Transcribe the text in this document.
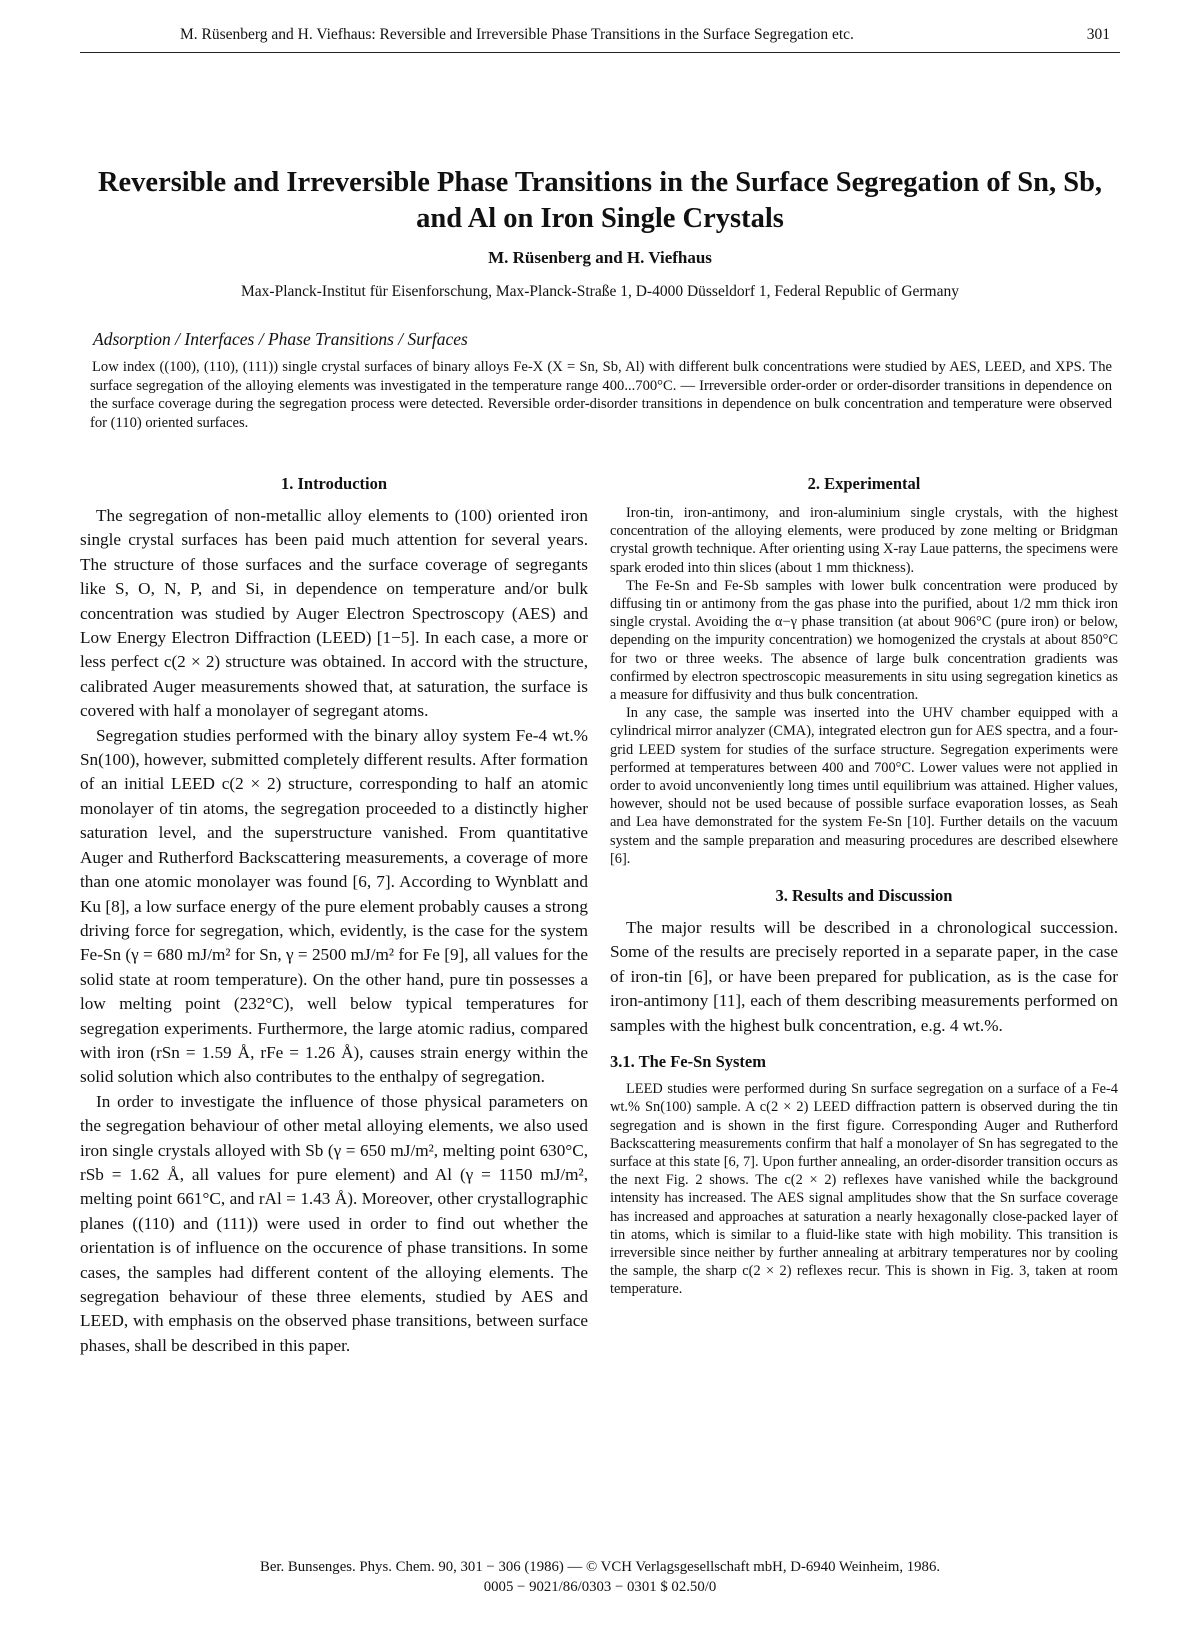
M. Rüsenberg and H. Viefhaus: Reversible and Irreversible Phase Transitions in the Surface Segregation etc.	301
Reversible and Irreversible Phase Transitions in the Surface Segregation of Sn, Sb, and Al on Iron Single Crystals
M. Rüsenberg and H. Viefhaus
Max-Planck-Institut für Eisenforschung, Max-Planck-Straße 1, D-4000 Düsseldorf 1, Federal Republic of Germany
Adsorption / Interfaces / Phase Transitions / Surfaces
Low index ((100), (110), (111)) single crystal surfaces of binary alloys Fe-X (X = Sn, Sb, Al) with different bulk concentrations were studied by AES, LEED, and XPS. The surface segregation of the alloying elements was investigated in the temperature range 400...700°C. — Irreversible order-order or order-disorder transitions in dependence on the surface coverage during the segregation process were detected. Reversible order-disorder transitions in dependence on bulk concentration and temperature were observed for (110) oriented surfaces.
1. Introduction

The segregation of non-metallic alloy elements to (100) oriented iron single crystal surfaces has been paid much attention for several years. The structure of those surfaces and the surface coverage of segregants like S, O, N, P, and Si, in dependence on temperature and/or bulk concentration was studied by Auger Electron Spectroscopy (AES) and Low Energy Electron Diffraction (LEED) [1−5]. In each case, a more or less perfect c(2 × 2) structure was obtained. In accord with the structure, calibrated Auger measurements showed that, at saturation, the surface is covered with half a monolayer of segregant atoms.

Segregation studies performed with the binary alloy system Fe-4 wt.% Sn(100), however, submitted completely different results. After formation of an initial LEED c(2 × 2) structure, corresponding to half an atomic monolayer of tin atoms, the segregation proceeded to a distinctly higher saturation level, and the superstructure vanished. From quantitative Auger and Rutherford Backscattering measurements, a coverage of more than one atomic monolayer was found [6, 7]. According to Wynblatt and Ku [8], a low surface energy of the pure element probably causes a strong driving force for segregation, which, evidently, is the case for the system Fe-Sn (γ = 680 mJ/m² for Sn, γ = 2500 mJ/m² for Fe [9], all values for the solid state at room temperature). On the other hand, pure tin possesses a low melting point (232°C), well below typical temperatures for segregation experiments. Furthermore, the large atomic radius, compared with iron (rSn = 1.59 Å, rFe = 1.26 Å), causes strain energy within the solid solution which also contributes to the enthalpy of segregation.

In order to investigate the influence of those physical parameters on the segregation behaviour of other metal alloying elements, we also used iron single crystals alloyed with Sb (γ = 650 mJ/m², melting point 630°C, rSb = 1.62 Å, all values for pure element) and Al (γ = 1150 mJ/m², melting point 661°C, and rAl = 1.43 Å). Moreover, other crystallographic planes ((110) and (111)) were used in order to find out whether the orientation is of influence on the occurence of phase transitions. In some cases, the samples had different content of the alloying elements. The segregation behaviour of these three elements, studied by AES and LEED, with emphasis on the observed phase transitions, between surface phases, shall be described in this paper.

2. Experimental

Iron-tin, iron-antimony, and iron-aluminium single crystals, with the highest concentration of the alloying elements, were produced by zone melting or Bridgman crystal growth technique. After orienting using X-ray Laue patterns, the specimens were spark eroded into thin slices (about 1 mm thickness).

The Fe-Sn and Fe-Sb samples with lower bulk concentration were produced by diffusing tin or antimony from the gas phase into the purified, about 1/2 mm thick iron single crystal. Avoiding the α−γ phase transition (at about 906°C (pure iron) or below, depending on the impurity concentration) we homogenized the crystals at about 850°C for two or three weeks. The absence of large bulk concentration gradients was confirmed by electron spectroscopic measurements in situ using segregation kinetics as a measure for diffusivity and thus bulk concentration.

In any case, the sample was inserted into the UHV chamber equipped with a cylindrical mirror analyzer (CMA), integrated electron gun for AES spectra, and a four-grid LEED system for studies of the surface structure. Segregation experiments were performed at temperatures between 400 and 700°C. Lower values were not applied in order to avoid unconveniently long times until equilibrium was attained. Higher values, however, should not be used because of possible surface evaporation losses, as Seah and Lea have demonstrated for the system Fe-Sn [10]. Further details on the vacuum system and the sample preparation and measuring procedures are described elsewhere [6].

3. Results and Discussion

The major results will be described in a chronological succession. Some of the results are precisely reported in a separate paper, in the case of iron-tin [6], or have been prepared for publication, as is the case for iron-antimony [11], each of them describing measurements performed on samples with the highest bulk concentration, e.g. 4 wt.%.

3.1. The Fe-Sn System

LEED studies were performed during Sn surface segregation on a surface of a Fe-4 wt.% Sn(100) sample. A c(2 × 2) LEED diffraction pattern is observed during the tin segregation and is shown in the first figure. Corresponding Auger and Rutherford Backscattering measurements confirm that half a monolayer of Sn has segregated to the surface at this state [6, 7]. Upon further annealing, an order-disorder transition occurs as the next Fig. 2 shows. The c(2 × 2) reflexes have vanished while the background intensity has increased. The AES signal amplitudes show that the Sn surface coverage has increased and approaches at saturation a nearly hexagonally close-packed layer of tin atoms, which is similar to a fluid-like state with high mobility. This transition is irreversible since neither by further annealing at arbitrary temperatures nor by cooling the sample, the sharp c(2 × 2) reflexes recur. This is shown in Fig. 3, taken at room temperature.

Ber. Bunsenges. Phys. Chem. 90, 301 − 306 (1986) — © VCH Verlagsgesellschaft mbH, D-6940 Weinheim, 1986.
0005 − 9021/86/0303 − 0301 $ 02.50/0
